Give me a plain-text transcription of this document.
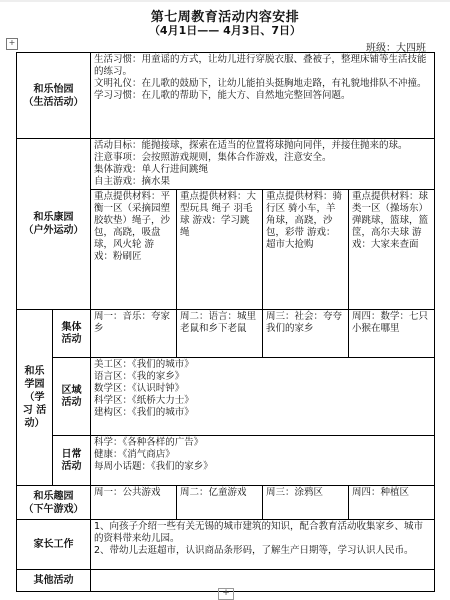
+
第七周教育活动内容安排
（4月1日—— 4月3日、7日）
班级：大四班
和乐怡园
（生活活动）		生活习惯：用童谣的方式，让幼儿进行穿脱衣服、叠被子，整理床铺等生活技能的练习。
文明礼仪：在儿歌的鼓励下，让幼儿能拍头挺胸地走路，有礼貌地排队不冲撞。
学习习惯：在儿歌的帮助下，能大方、自然地完整回答问题。			

和乐康园
（户外运动）		活动目标：能抛接球，探索在适当的位置将球抛向同伴，并接住抛来的球。
注意事项：会按照游戏规则，集体合作游戏，注意安全。
集体游戏：单人行进间跳绳
自主游戏：摘水果			

		重点提供材料：平衡一区（采摘园塑胶软垫）绳子，沙包，高跷，吸盘球，风火轮 游戏：粉刷匠	重点提供材料：大型玩具 绳子 羽毛球 游戏：学习跳绳	重点提供材料：骑行区 骑小车，羊角球，高跷，沙包，彩带 游戏：超市大抢购	重点提供材料：球类一区（操场东）弹跳球，篮球，篮筐，高尔夫球 游戏：大家来查面

和乐
学园
（学
习 活
动）	集体
活动	周一：音乐：夸家乡	周二：语言：城里老鼠和乡下老鼠	周三：社会：夸夸我们的家乡	周四：数学：七只小猴在哪里

	区域
活动	美工区：《我们的城市》
语言区：《我的家乡》
数学区：《认识时钟》
科学区：《纸桥大力士》
建构区：《我们的城市》			

	日常
活动	科学：《各种各样的广告》
健康：《消气商店》
每周小话题：《我们的家乡》			

和乐趣园
（下午游戏）		周一：公共游戏	周二：亿童游戏	周三：涂鸦区	周四：种植区
家长工作		1、向孩子介绍一些有关无锡的城市建筑的知识，配合教育活动收集家乡、城市的资料带来幼儿园。
2、带幼儿去逛超市，认识商品条形码，了解生产日期等，学习认识人民币。			

其他活动					
+
